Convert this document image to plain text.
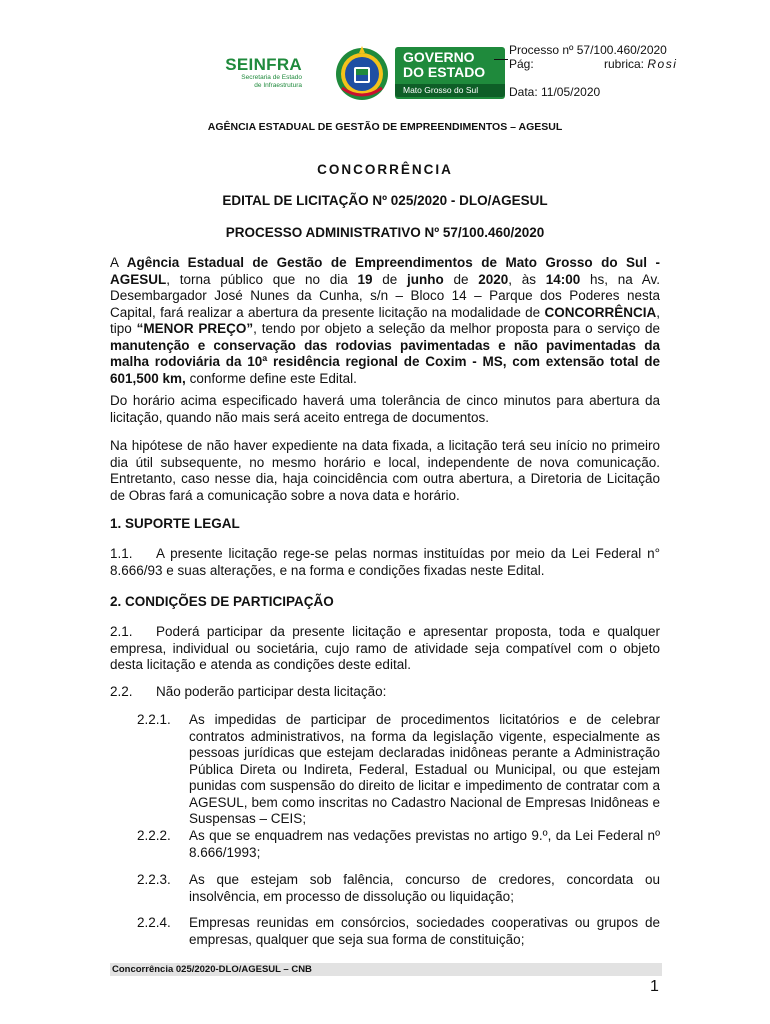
SEINFRA
Secretaria de Estado
de Infraestrutura
GOVERNO
DO ESTADO
Mato Grosso do Sul
Processo nº 57/100.460/2020
Pág:	rubrica: Rosi
Data: 11/05/2020
AGÊNCIA ESTADUAL DE GESTÃO DE EMPREENDIMENTOS – AGESUL
CONCORRÊNCIA
EDITAL DE LICITAÇÃO Nº 025/2020 - DLO/AGESUL
PROCESSO ADMINISTRATIVO Nº 57/100.460/2020
A Agência Estadual de Gestão de Empreendimentos de Mato Grosso do Sul - AGESUL, torna público que no dia 19 de junho de 2020, às 14:00 hs, na Av. Desembargador José Nunes da Cunha, s/n – Bloco 14 – Parque dos Poderes nesta Capital, fará realizar a abertura da presente licitação na modalidade de CONCORRÊNCIA, tipo “MENOR PREÇO”, tendo por objeto a seleção da melhor proposta para o serviço de manutenção e conservação das rodovias pavimentadas e não pavimentadas da malha rodoviária da 10ª residência regional de Coxim - MS, com extensão total de 601,500 km, conforme define este Edital.
Do horário acima especificado haverá uma tolerância de cinco minutos para abertura da licitação, quando não mais será aceito entrega de documentos.
Na hipótese de não haver expediente na data fixada, a licitação terá seu início no primeiro dia útil subsequente, no mesmo horário e local, independente de nova comunicação. Entretanto, caso nesse dia, haja coincidência com outra abertura, a Diretoria de Licitação de Obras fará a comunicação sobre a nova data e horário.
1. SUPORTE LEGAL
1.1.	A presente licitação rege-se pelas normas instituídas por meio da Lei Federal n° 8.666/93 e suas alterações, e na forma e condições fixadas neste Edital.
2. CONDIÇÕES DE PARTICIPAÇÃO
2.1.	Poderá participar da presente licitação e apresentar proposta, toda e qualquer empresa, individual ou societária, cujo ramo de atividade seja compatível com o objeto desta licitação e atenda as condições deste edital.
2.2. Não poderão participar desta licitação:
2.2.1. As impedidas de participar de procedimentos licitatórios e de celebrar contratos administrativos, na forma da legislação vigente, especialmente as pessoas jurídicas que estejam declaradas inidôneas perante a Administração Pública Direta ou Indireta, Federal, Estadual ou Municipal, ou que estejam punidas com suspensão do direito de licitar e impedimento de contratar com a AGESUL, bem como inscritas no Cadastro Nacional de Empresas Inidôneas e Suspensas – CEIS;
2.2.2. As que se enquadrem nas vedações previstas no artigo 9.º, da Lei Federal nº 8.666/1993;
2.2.3. As que estejam sob falência, concurso de credores, concordata ou insolvência, em processo de dissolução ou liquidação;
2.2.4. Empresas reunidas em consórcios, sociedades cooperativas ou grupos de empresas, qualquer que seja sua forma de constituição;
Concorrência 025/2020-DLO/AGESUL – CNB
1
